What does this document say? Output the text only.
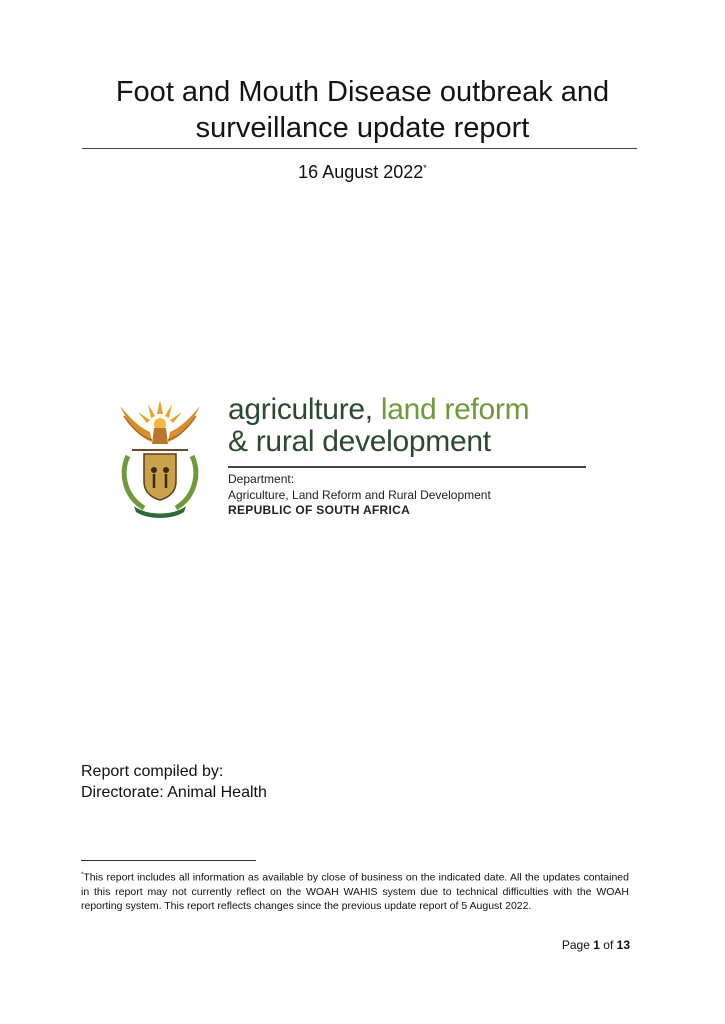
Foot and Mouth Disease outbreak and
surveillance update report
16 August 2022*
agriculture, land reform
& rural development
Department:
Agriculture, Land Reform and Rural Development
REPUBLIC OF SOUTH AFRICA
Report compiled by:
Directorate: Animal Health
*This report includes all information as available by close of business on the indicated date. All the updates contained in this report may not currently reflect on the WOAH WAHIS system due to technical difficulties with the WOAH reporting system. This report reflects changes since the previous update report of 5 August 2022.
Page 1 of 13
